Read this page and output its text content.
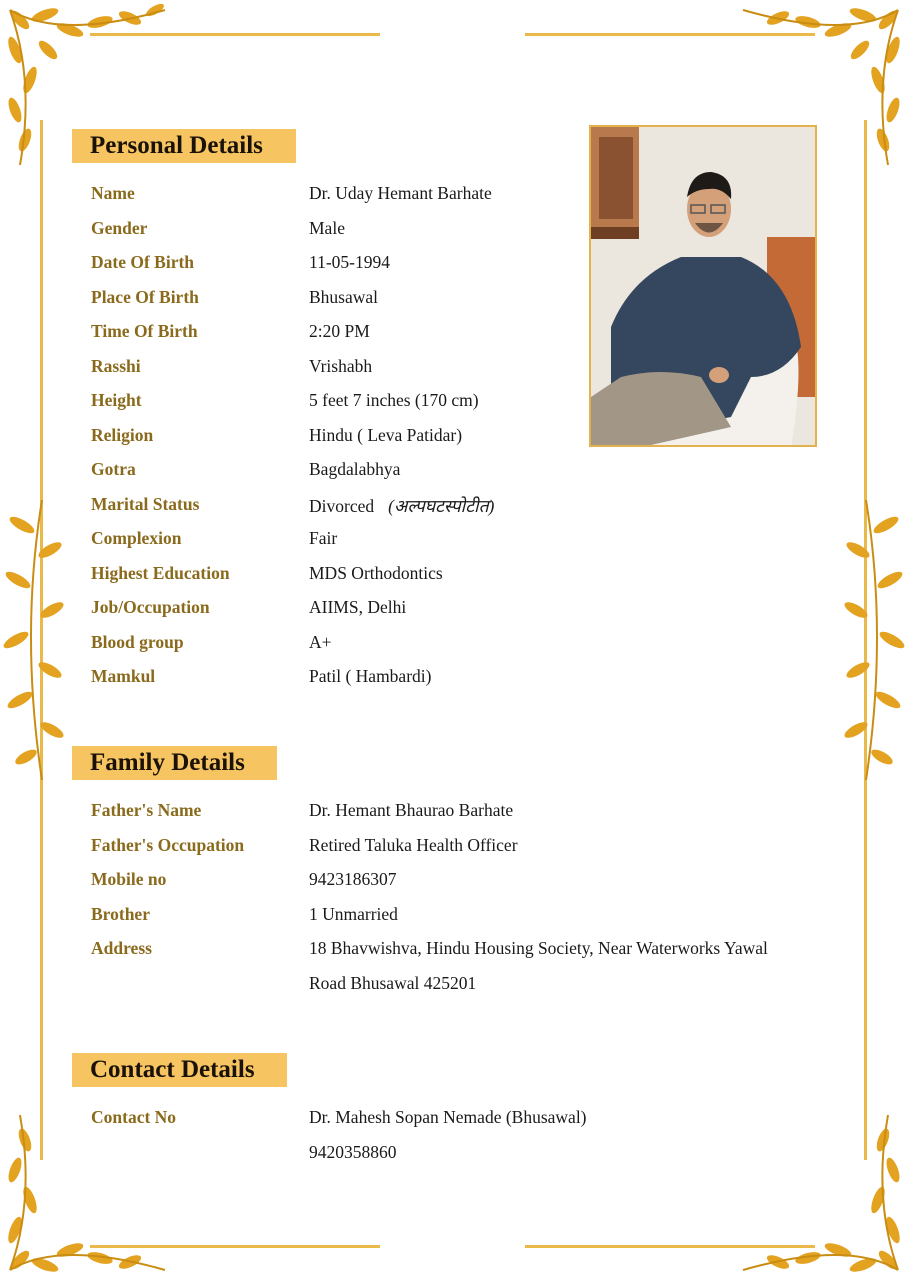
Personal Details
Name	Dr. Uday Hemant Barhate
Gender	Male
Date Of Birth	11-05-1994
Place Of Birth	Bhusawal
Time Of Birth	2:20 PM
Rasshi	Vrishabh
Height	5 feet 7 inches (170 cm)
Religion	Hindu ( Leva Patidar)
Gotra	Bagdalabhya
Marital Status	Divorced (अल्पघटस्पोटीत)
Complexion	Fair
Highest Education	MDS Orthodontics
Job/Occupation	AIIMS, Delhi
Blood group	A+
Mamkul	Patil ( Hambardi)
Family Details
Father's Name	Dr. Hemant Bhaurao Barhate
Father's Occupation	Retired Taluka Health Officer
Mobile no	9423186307
Brother	1 Unmarried
Address	18 Bhavwishva, Hindu Housing Society, Near Waterworks Yawal
Road Bhusawal 425201
Contact Details
Contact No	Dr. Mahesh Sopan Nemade (Bhusawal)
9420358860
